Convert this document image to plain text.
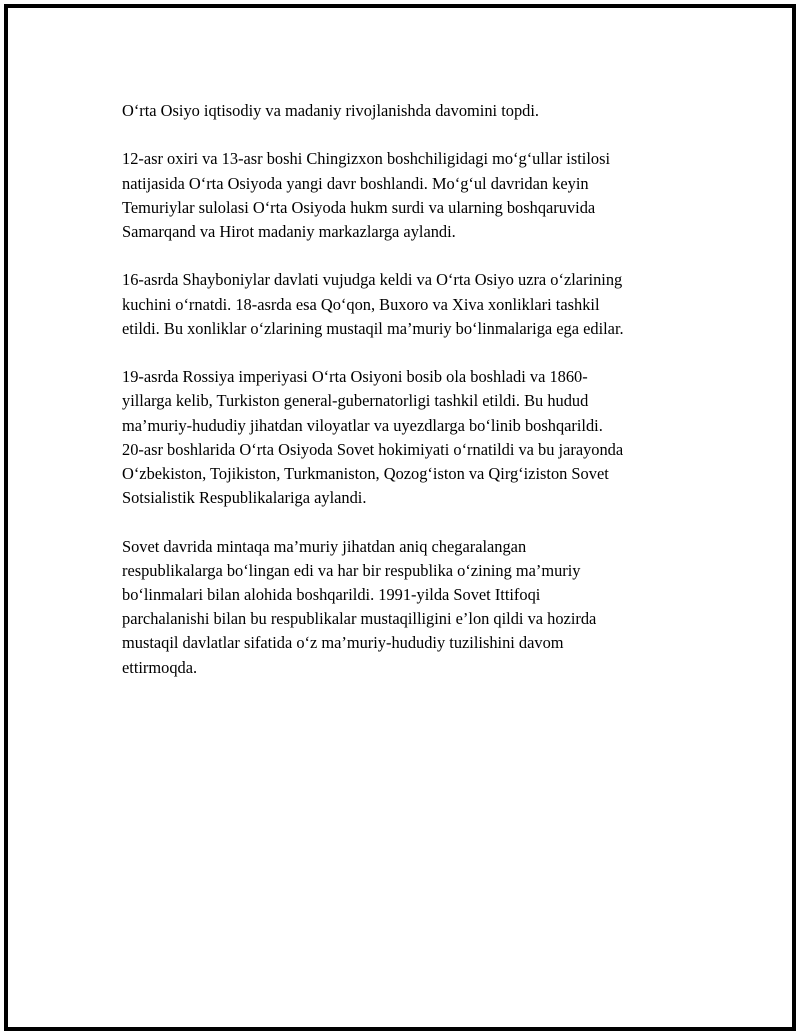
O‘rta Osiyo iqtisodiy va madaniy rivojlanishda davomini topdi.

12-asr oxiri va 13-asr boshi Chingizxon boshchiligidagi mo‘g‘ullar istilosi
natijasida O‘rta Osiyoda yangi davr boshlandi. Mo‘g‘ul davridan keyin
Temuriylar sulolasi O‘rta Osiyoda hukm surdi va ularning boshqaruvida
Samarqand va Hirot madaniy markazlarga aylandi.

16-asrda Shayboniylar davlati vujudga keldi va O‘rta Osiyo uzra o‘zlarining
kuchini o‘rnatdi. 18-asrda esa Qo‘qon, Buxoro va Xiva xonliklari tashkil
etildi. Bu xonliklar o‘zlarining mustaqil ma’muriy bo‘linmalariga ega edilar.

19-asrda Rossiya imperiyasi O‘rta Osiyoni bosib ola boshladi va 1860-
yillarga kelib, Turkiston general-gubernatorligi tashkil etildi. Bu hudud
ma’muriy-hududiy jihatdan viloyatlar va uyezdlarga bo‘linib boshqarildi.
20-asr boshlarida O‘rta Osiyoda Sovet hokimiyati o‘rnatildi va bu jarayonda
O‘zbekiston, Tojikiston, Turkmaniston, Qozog‘iston va Qirg‘iziston Sovet
Sotsialistik Respublikalariga aylandi.

Sovet davrida mintaqa ma’muriy jihatdan aniq chegaralangan
respublikalarga bo‘lingan edi va har bir respublika o‘zining ma’muriy
bo‘linmalari bilan alohida boshqarildi. 1991-yilda Sovet Ittifoqi
parchalanishi bilan bu respublikalar mustaqilligini e’lon qildi va hozirda
mustaqil davlatlar sifatida o‘z ma’muriy-hududiy tuzilishini davom
ettirmoqda.
